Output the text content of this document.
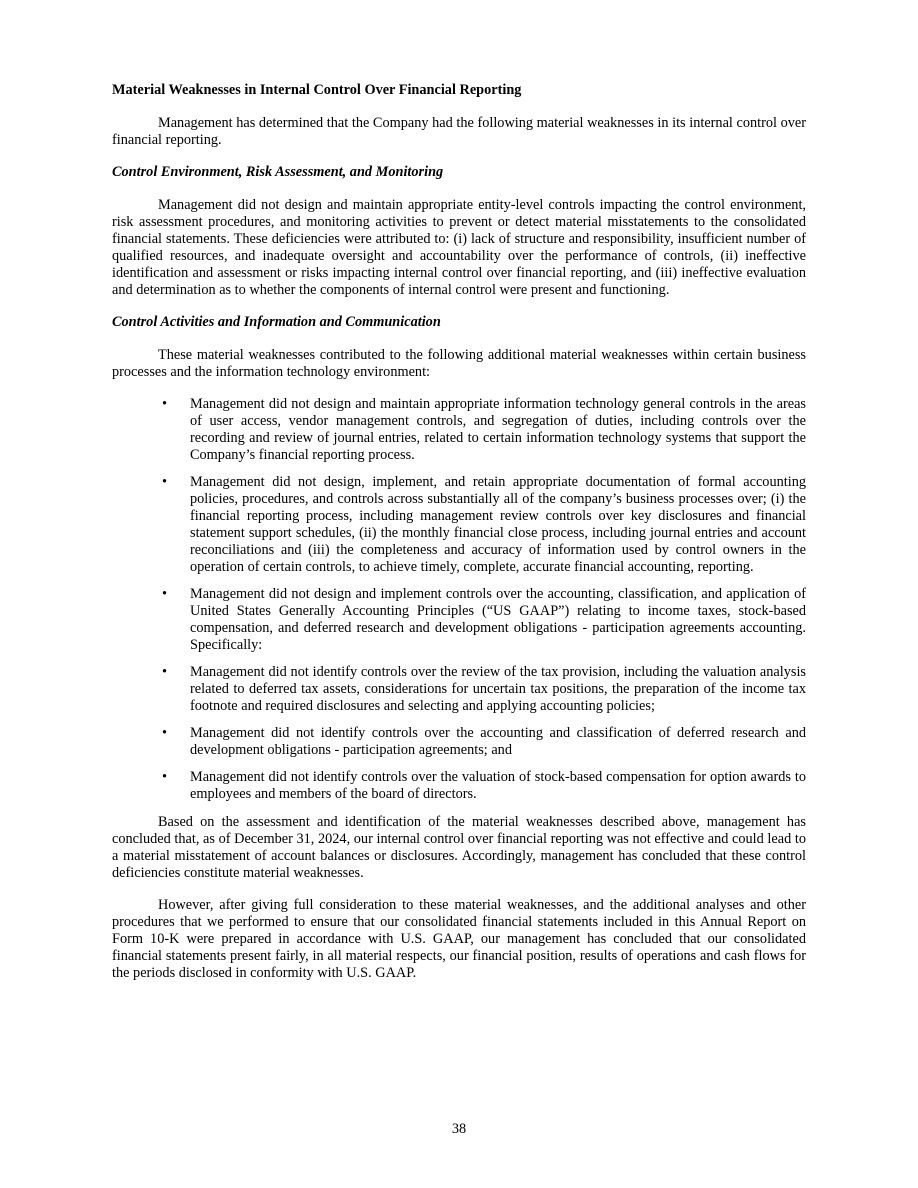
Material Weaknesses in Internal Control Over Financial Reporting

Management has determined that the Company had the following material weaknesses in its internal control over financial reporting.

Control Environment, Risk Assessment, and Monitoring

Management did not design and maintain appropriate entity-level controls impacting the control environment, risk assessment procedures, and monitoring activities to prevent or detect material misstatements to the consolidated financial statements. These deficiencies were attributed to: (i) lack of structure and responsibility, insufficient number of qualified resources, and inadequate oversight and accountability over the performance of controls, (ii) ineffective identification and assessment or risks impacting internal control over financial reporting, and (iii) ineffective evaluation and determination as to whether the components of internal control were present and functioning.

Control Activities and Information and Communication

These material weaknesses contributed to the following additional material weaknesses within certain business processes and the information technology environment:

• Management did not design and maintain appropriate information technology general controls in the areas of user access, vendor management controls, and segregation of duties, including controls over the recording and review of journal entries, related to certain information technology systems that support the Company’s financial reporting process.
• Management did not design, implement, and retain appropriate documentation of formal accounting policies, procedures, and controls across substantially all of the company’s business processes over; (i) the financial reporting process, including management review controls over key disclosures and financial statement support schedules, (ii) the monthly financial close process, including journal entries and account reconciliations and (iii) the completeness and accuracy of information used by control owners in the operation of certain controls, to achieve timely, complete, accurate financial accounting, reporting.
• Management did not design and implement controls over the accounting, classification, and application of United States Generally Accounting Principles (“US GAAP”) relating to income taxes, stock-based compensation, and deferred research and development obligations - participation agreements accounting. Specifically:
• Management did not identify controls over the review of the tax provision, including the valuation analysis related to deferred tax assets, considerations for uncertain tax positions, the preparation of the income tax footnote and required disclosures and selecting and applying accounting policies;
• Management did not identify controls over the accounting and classification of deferred research and development obligations - participation agreements; and
• Management did not identify controls over the valuation of stock-based compensation for option awards to employees and members of the board of directors.

Based on the assessment and identification of the material weaknesses described above, management has concluded that, as of December 31, 2024, our internal control over financial reporting was not effective and could lead to a material misstatement of account balances or disclosures. Accordingly, management has concluded that these control deficiencies constitute material weaknesses.

However, after giving full consideration to these material weaknesses, and the additional analyses and other procedures that we performed to ensure that our consolidated financial statements included in this Annual Report on Form 10-K were prepared in accordance with U.S. GAAP, our management has concluded that our consolidated financial statements present fairly, in all material respects, our financial position, results of operations and cash flows for the periods disclosed in conformity with U.S. GAAP.

38
